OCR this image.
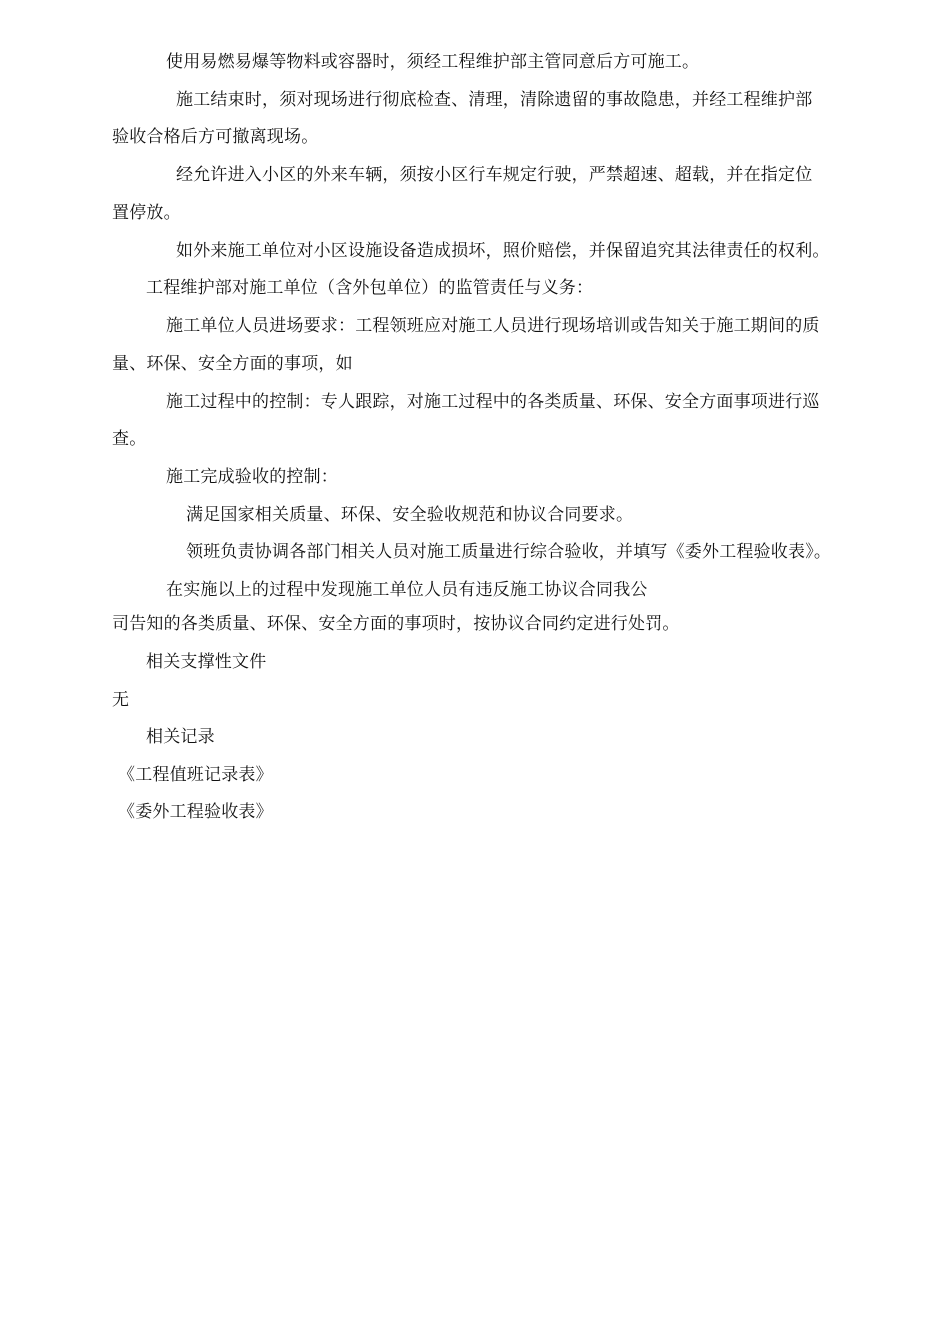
使用易燃易爆等物料或容器时，须经工程维护部主管同意后方可施工。
施工结束时，须对现场进行彻底检查、清理，清除遗留的事故隐患，并经工程维护部
验收合格后方可撤离现场。
经允许进入小区的外来车辆，须按小区行车规定行驶，严禁超速、超载，并在指定位
置停放。
如外来施工单位对小区设施设备造成损坏，照价赔偿，并保留追究其法律责任的权利。
工程维护部对施工单位（含外包单位）的监管责任与义务：
施工单位人员进场要求：工程领班应对施工人员进行现场培训或告知关于施工期间的质
量、环保、安全方面的事项，如
施工过程中的控制：专人跟踪，对施工过程中的各类质量、环保、安全方面事项进行巡
查。
施工完成验收的控制：
满足国家相关质量、环保、安全验收规范和协议合同要求。
领班负责协调各部门相关人员对施工质量进行综合验收，并填写《委外工程验收表》。
在实施以上的过程中发现施工单位人员有违反施工协议合同我公
司告知的各类质量、环保、安全方面的事项时，按协议合同约定进行处罚。
相关支撑性文件
无
相关记录
《工程值班记录表》
《委外工程验收表》
